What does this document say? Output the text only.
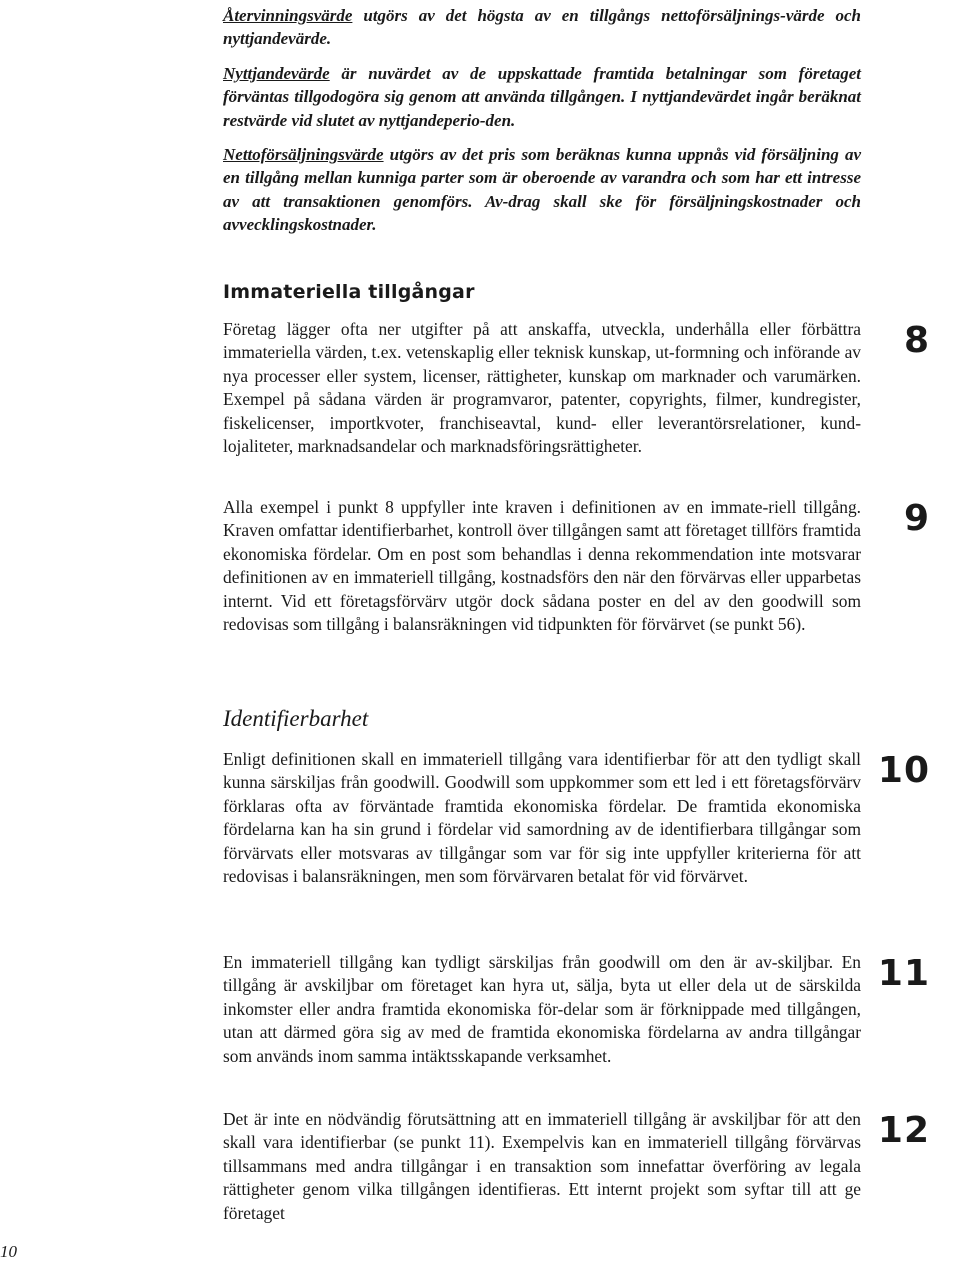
Återvinningsvärde utgörs av det högsta av en tillgångs nettoförsäljnings-värde och nyttjandevärde.

Nyttjandevärde är nuvärdet av de uppskattade framtida betalningar som företaget förväntas tillgodogöra sig genom att använda tillgången. I nyttjandevärdet ingår beräknat restvärde vid slutet av nyttjandeperio-den.

Nettoförsäljningsvärde utgörs av det pris som beräknas kunna uppnås vid försäljning av en tillgång mellan kunniga parter som är oberoende av varandra och som har ett intresse av att transaktionen genomförs. Av-drag skall ske för försäljningskostnader och avvecklingskostnader.

Immateriella tillgångar

Företag lägger ofta ner utgifter på att anskaffa, utveckla, underhålla eller förbättra immateriella värden, t.ex. vetenskaplig eller teknisk kunskap, ut-formning och införande av nya processer eller system, licenser, rättigheter, kunskap om marknader och varumärken. Exempel på sådana värden är programvaror, patenter, copyrights, filmer, kundregister, fiskelicenser, importkvoter, franchiseavtal, kund- eller leverantörsrelationer, kund-lojaliteter, marknadsandelar och marknadsföringsrättigheter.

8

Alla exempel i punkt 8 uppfyller inte kraven i definitionen av en immate-riell tillgång. Kraven omfattar identifierbarhet, kontroll över tillgången samt att företaget tillförs framtida ekonomiska fördelar. Om en post som behandlas i denna rekommendation inte motsvarar definitionen av en immateriell tillgång, kostnadsförs den när den förvärvas eller upparbetas internt. Vid ett företagsförvärv utgör dock sådana poster en del av den goodwill som redovisas som tillgång i balansräkningen vid tidpunkten för förvärvet (se punkt 56).

9
Identifierbarhet

Enligt definitionen skall en immateriell tillgång vara identifierbar för att den tydligt skall kunna särskiljas från goodwill. Goodwill som uppkommer som ett led i ett företagsförvärv förklaras ofta av förväntade framtida ekonomiska fördelar. De framtida ekonomiska fördelarna kan ha sin grund i fördelar vid samordning av de identifierbara tillgångar som förvärvats eller motsvaras av tillgångar som var för sig inte uppfyller kriterierna för att redovisas i balansräkningen, men som förvärvaren betalat för vid förvärvet.

10

En immateriell tillgång kan tydligt särskiljas från goodwill om den är av-skiljbar. En tillgång är avskiljbar om företaget kan hyra ut, sälja, byta ut eller dela ut de särskilda inkomster eller andra framtida ekonomiska för-delar som är förknippade med tillgången, utan att därmed göra sig av med de framtida ekonomiska fördelarna av andra tillgångar som används inom samma intäktsskapande verksamhet.

11

Det är inte en nödvändig förutsättning att en immateriell tillgång är avskiljbar för att den skall vara identifierbar (se punkt 11). Exempelvis kan en immateriell tillgång förvärvas tillsammans med andra tillgångar i en transaktion som innefattar överföring av legala rättigheter genom vilka tillgången identifieras. Ett internt projekt som syftar till att ge företaget

12
10
